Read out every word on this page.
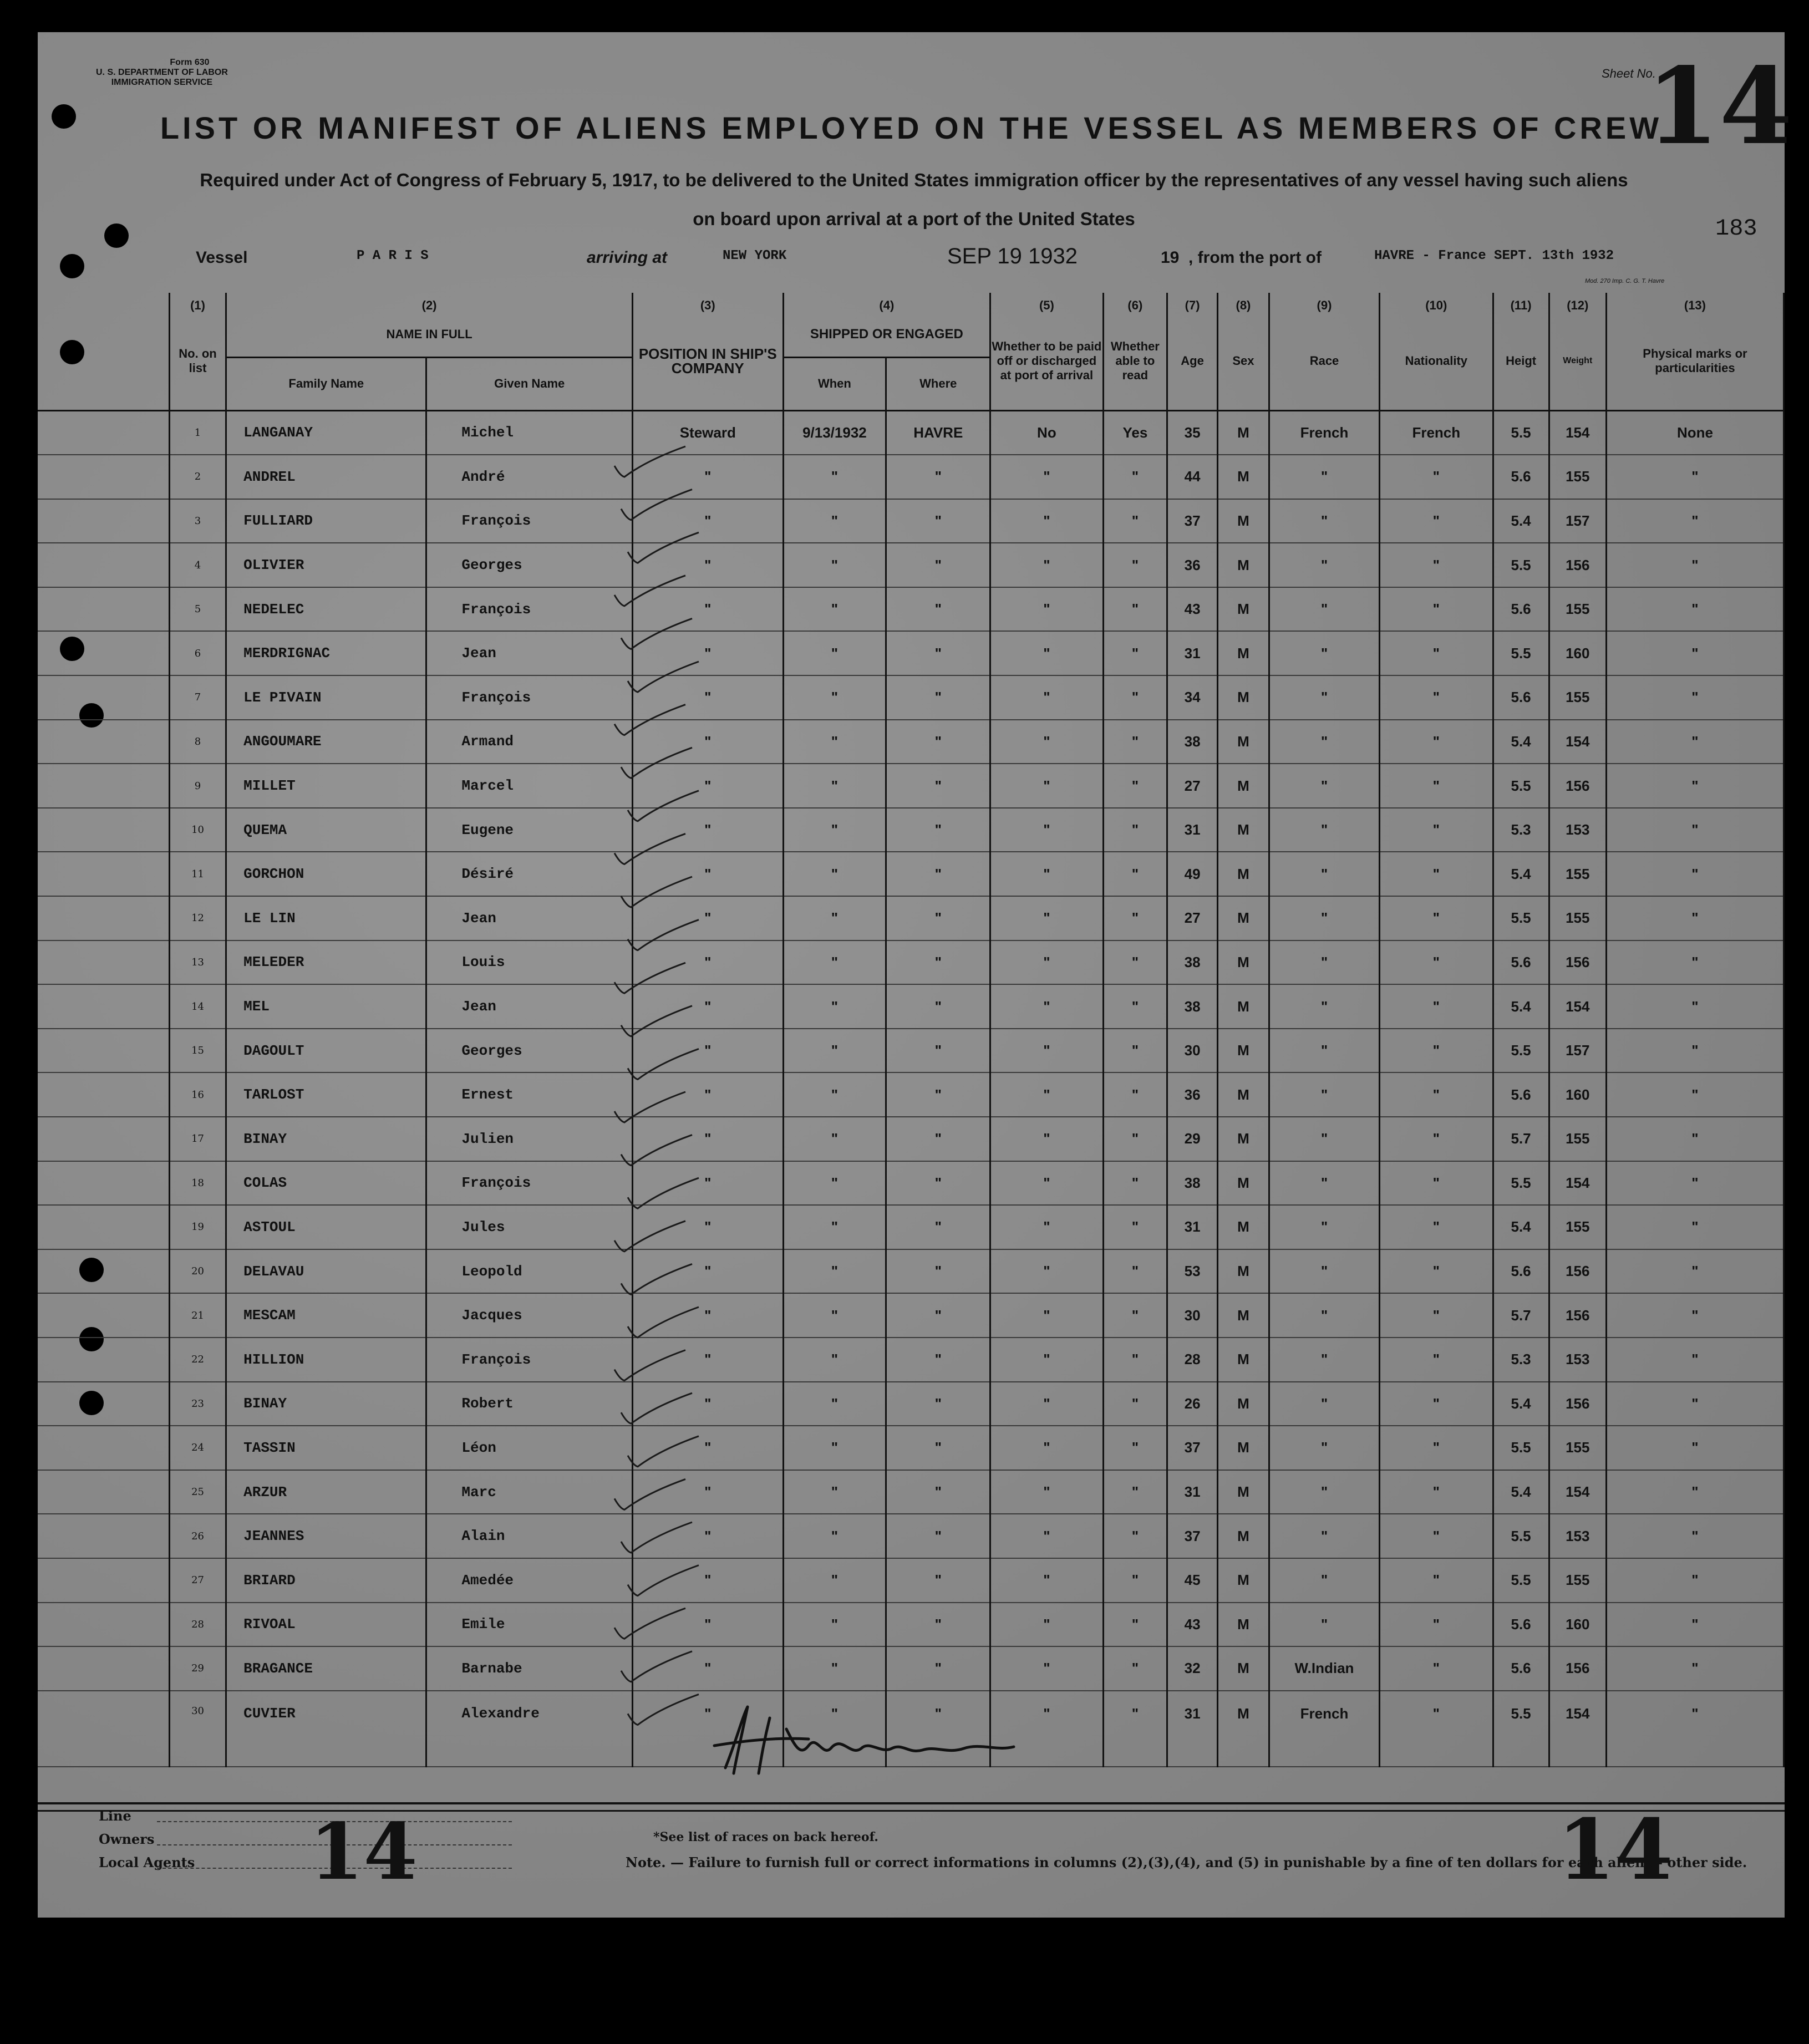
Form 630
U. S. DEPARTMENT OF LABOR
IMMIGRATION SERVICE
Sheet No.
14
LIST OR MANIFEST OF ALIENS EMPLOYED ON THE VESSEL AS MEMBERS OF CREW
Required under Act of Congress of February 5, 1917, to be delivered to the United States immigration officer by the representatives of any vessel having such aliens
on board upon arrival at a port of the United States	183
Vessel	P A R I S	arriving at	NEW YORK	SEP 19 1932	19 , from the port of	HAVRE - France SEPT. 13th 1932
Mod. 270 Imp. C. G. T. Havre
	(1)	(2)		(3)	(4)		(5)	(6)	(7)	(8)	(9)	(10)	(11)	(12)	(13)
	No. on list	NAME IN FULL		POSITION IN SHIP'S COMPANY	SHIPPED OR ENGAGED		Whether to be paid off or discharged at port of arrival	Whether able to read	Age	Sex	Race	Nationality	Heigt	Weight	Physical marks or particularities
		Family Name	Given Name		When	Where									
	1	LANGANAY	Michel	Steward	9/13/1932	HAVRE	No	Yes	35	M	French	French	5.5	154	None
	2	ANDREL	André	"	"	"	"	"	44	M	"	"	5.6	155	"
	3	FULLIARD	François	"	"	"	"	"	37	M	"	"	5.4	157	"
	4	OLIVIER	Georges	"	"	"	"	"	36	M	"	"	5.5	156	"
	5	NEDELEC	François	"	"	"	"	"	43	M	"	"	5.6	155	"
	6	MERDRIGNAC	Jean	"	"	"	"	"	31	M	"	"	5.5	160	"
	7	LE PIVAIN	François	"	"	"	"	"	34	M	"	"	5.6	155	"
	8	ANGOUMARE	Armand	"	"	"	"	"	38	M	"	"	5.4	154	"
	9	MILLET	Marcel	"	"	"	"	"	27	M	"	"	5.5	156	"
	10	QUEMA	Eugene	"	"	"	"	"	31	M	"	"	5.3	153	"
	11	GORCHON	Désiré	"	"	"	"	"	49	M	"	"	5.4	155	"
	12	LE LIN	Jean	"	"	"	"	"	27	M	"	"	5.5	155	"
	13	MELEDER	Louis	"	"	"	"	"	38	M	"	"	5.6	156	"
	14	MEL	Jean	"	"	"	"	"	38	M	"	"	5.4	154	"
	15	DAGOULT	Georges	"	"	"	"	"	30	M	"	"	5.5	157	"
	16	TARLOST	Ernest	"	"	"	"	"	36	M	"	"	5.6	160	"
	17	BINAY	Julien	"	"	"	"	"	29	M	"	"	5.7	155	"
	18	COLAS	François	"	"	"	"	"	38	M	"	"	5.5	154	"
	19	ASTOUL	Jules	"	"	"	"	"	31	M	"	"	5.4	155	"
	20	DELAVAU	Leopold	"	"	"	"	"	53	M	"	"	5.6	156	"
	21	MESCAM	Jacques	"	"	"	"	"	30	M	"	"	5.7	156	"
	22	HILLION	François	"	"	"	"	"	28	M	"	"	5.3	153	"
	23	BINAY	Robert	"	"	"	"	"	26	M	"	"	5.4	156	"
	24	TASSIN	Léon	"	"	"	"	"	37	M	"	"	5.5	155	"
	25	ARZUR	Marc	"	"	"	"	"	31	M	"	"	5.4	154	"
	26	JEANNES	Alain	"	"	"	"	"	37	M	"	"	5.5	153	"
	27	BRIARD	Amedée	"	"	"	"	"	45	M	"	"	5.5	155	"
	28	RIVOAL	Emile	"	"	"	"	"	43	M	"	"	5.6	160	"
	29	BRAGANCE	Barnabe	"	"	"	"	"	32	M	W.Indian	"	5.6	156	"
	30	CUVIER	Alexandre	"	"	"	"	"	31	M	French	"	5.5	154	"
Line
Owners
Local Agents 14	14
*See list of races on back hereof.
Note. — Failure to furnish full or correct informations in columns (2),(3),(4), and (5) in punishable by a fine of ten dollars for each alien — other side.
